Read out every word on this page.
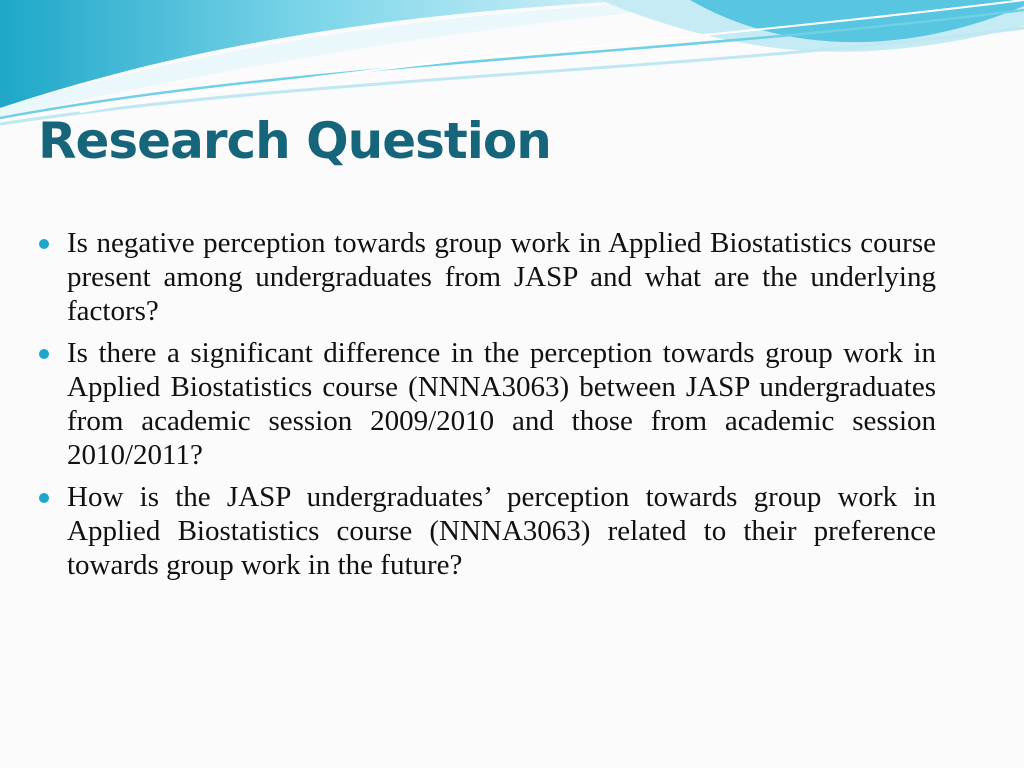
Research Question
Is negative perception towards group work in Applied Biostatistics course present among undergraduates from JASP and what are the underlying factors?
Is there a significant difference in the perception towards group work in Applied Biostatistics course (NNNA3063) between JASP undergraduates from academic session 2009/2010 and those from academic session 2010/2011?
How is the JASP undergraduates’ perception towards group work in Applied Biostatistics course (NNNA3063) related to their preference towards group work in the future?
